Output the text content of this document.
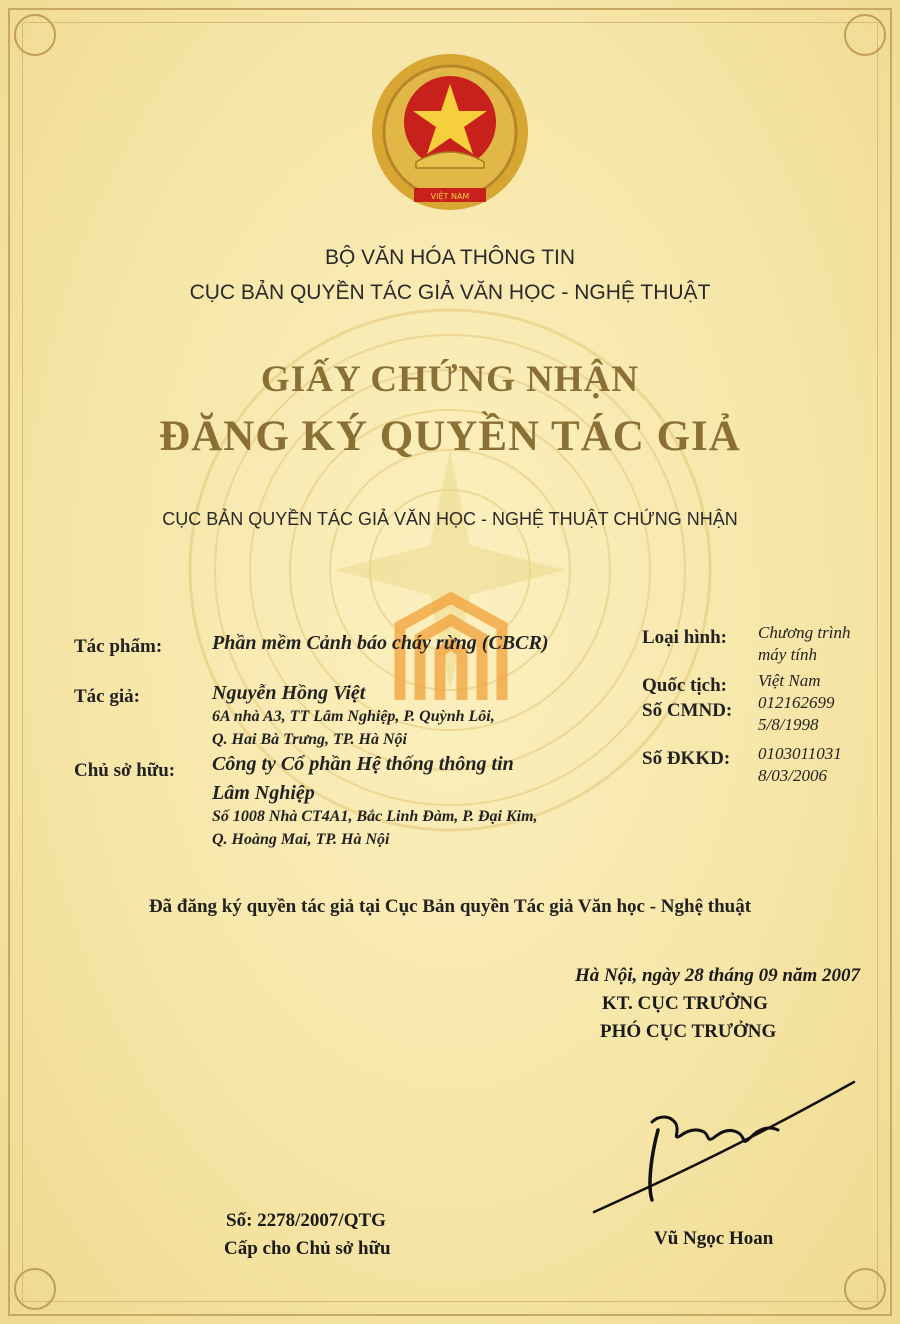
VIỆT NAM
BỘ VĂN HÓA THÔNG TIN
CỤC BẢN QUYỀN TÁC GIẢ VĂN HỌC - NGHỆ THUẬT
GIẤY CHỨNG NHẬN
ĐĂNG KÝ QUYỀN TÁC GIẢ
CỤC BẢN QUYỀN TÁC GIẢ VĂN HỌC - NGHỆ THUẬT CHỨNG NHẬN
Tác phẩm: Phần mềm Cảnh báo cháy rừng (CBCR)
Tác giả:	Nguyễn Hồng Việt
6A nhà A3, TT Lâm Nghiệp, P. Quỳnh Lôi,
Q. Hai Bà Trưng, TP. Hà Nội
Chủ sở hữu: Công ty Cổ phần Hệ thống thông tin
Lâm Nghiệp
Số 1008 Nhà CT4A1, Bắc Linh Đàm, P. Đại Kim,
Q. Hoàng Mai, TP. Hà Nội
Loại hình: Chương trình
máy tính
Quốc tịch: Việt Nam
Số CMND: 012162699
5/8/1998
Số ĐKKD: 0103011031
8/03/2006
Đã đăng ký quyền tác giả tại Cục Bản quyền Tác giả Văn học - Nghệ thuật
Hà Nội, ngày 28 tháng 09 năm 2007
KT. CỤC TRƯỞNG
PHÓ CỤC TRƯỞNG
Vũ Ngọc Hoan
Số: 2278/2007/QTG
Cấp cho Chủ sở hữu
